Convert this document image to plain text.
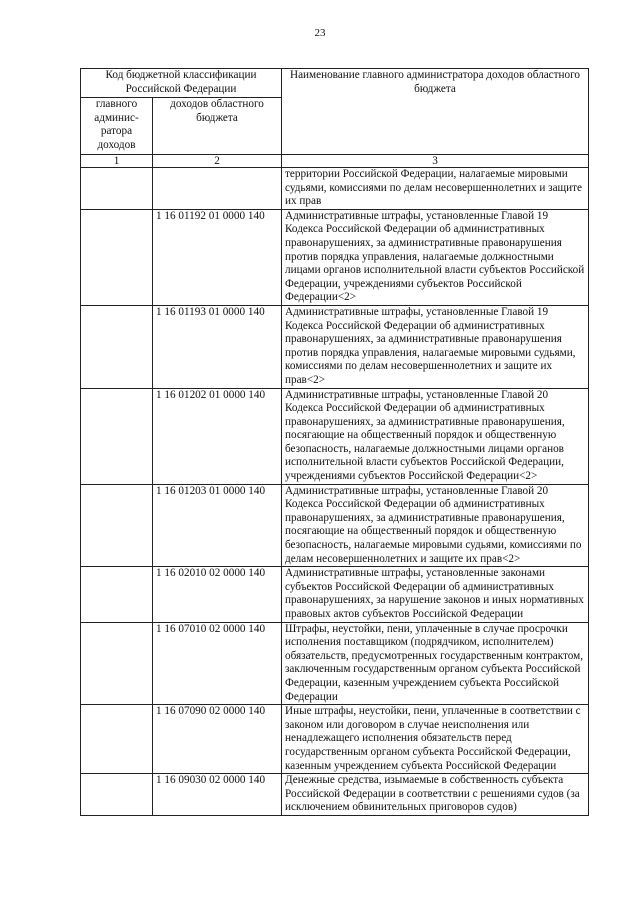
23
Код бюджетной классификации Российской Федерации		Наименование главного администратора доходов областного бюджета
главного админис-ратора доходов	доходов областного бюджета	
1	2	3
		территории Российской Федерации, налагаемые мировыми судьями, комиссиями по делам несовершеннолетних и защите их прав
	1 16 01192 01 0000 140	Административные штрафы, установленные Главой 19 Кодекса Российской Федерации об административных правонарушениях, за административные правонарушения против порядка управления, налагаемые должностными лицами органов исполнительной власти субъектов Российской Федерации, учреждениями субъектов Российской Федерации<2>
	1 16 01193 01 0000 140	Административные штрафы, установленные Главой 19 Кодекса Российской Федерации об административных правонарушениях, за административные правонарушения против порядка управления, налагаемые мировыми судьями, комиссиями по делам несовершеннолетних и защите их прав<2>
	1 16 01202 01 0000 140	Административные штрафы, установленные Главой 20 Кодекса Российской Федерации об административных правонарушениях, за административные правонарушения, посягающие на общественный порядок и общественную безопасность, налагаемые должностными лицами органов исполнительной власти субъектов Российской Федерации, учреждениями субъектов Российской Федерации<2>
	1 16 01203 01 0000 140	Административные штрафы, установленные Главой 20 Кодекса Российской Федерации об административных правонарушениях, за административные правонарушения, посягающие на общественный порядок и общественную безопасность, налагаемые мировыми судьями, комиссиями по делам несовершеннолетних и защите их прав<2>
	1 16 02010 02 0000 140	Административные штрафы, установленные законами субъектов Российской Федерации об административных правонарушениях, за нарушение законов и иных нормативных правовых актов субъектов Российской Федерации
	1 16 07010 02 0000 140	Штрафы, неустойки, пени, уплаченные в случае просрочки исполнения поставщиком (подрядчиком, исполнителем) обязательств, предусмотренных государственным контрактом, заключенным государственным органом субъекта Российской Федерации, казенным учреждением субъекта Российской Федерации
	1 16 07090 02 0000 140	Иные штрафы, неустойки, пени, уплаченные в соответствии с законом или договором в случае неисполнения или ненадлежащего исполнения обязательств перед государственным органом субъекта Российской Федерации, казенным учреждением субъекта Российской Федерации
	1 16 09030 02 0000 140	Денежные средства, изымаемые в собственность субъекта Российской Федерации в соответствии с решениями судов (за исключением обвинительных приговоров судов)
